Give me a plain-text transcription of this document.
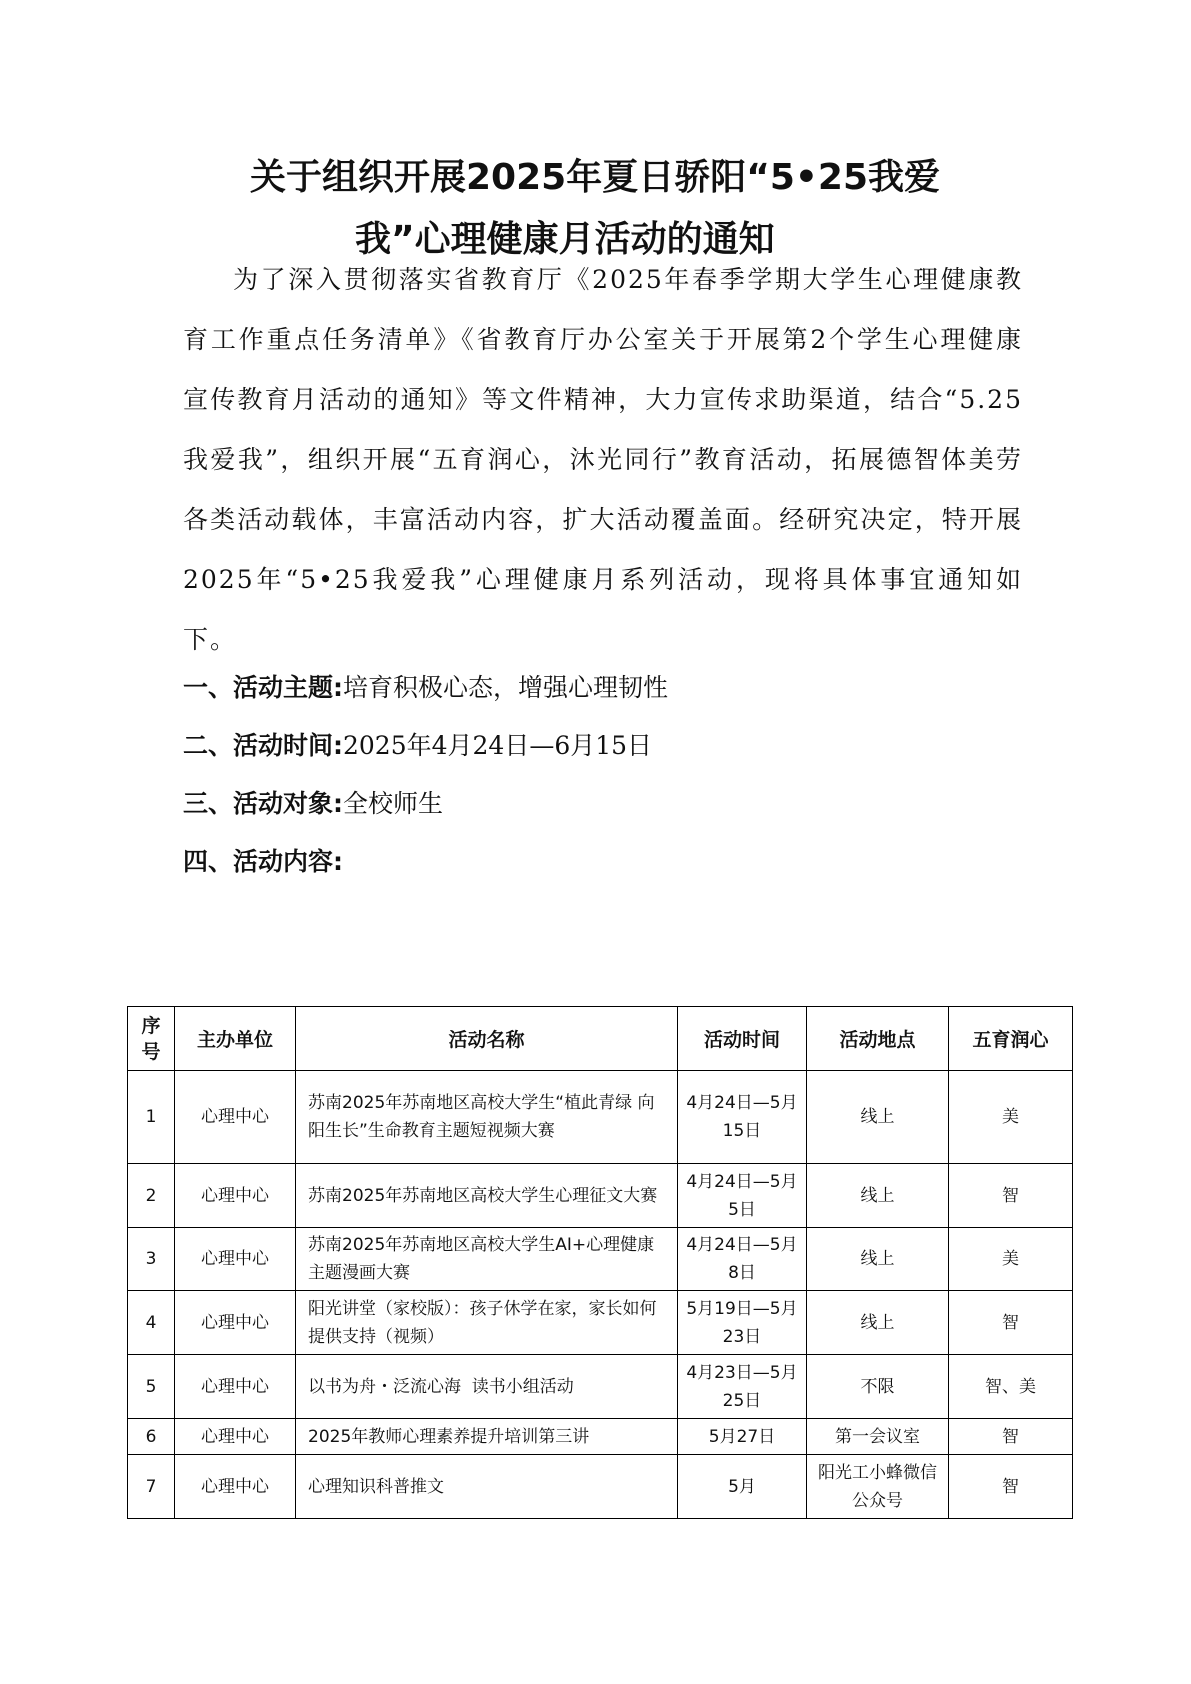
关于组织开展2025年夏日骄阳“5•25我爱
我”心理健康月活动的通知

为了深入贯彻落实省教育厅《2025年春季学期大学生心理健康教育工作重点任务清单》《省教育厅办公室关于开展第2个学生心理健康宣传教育月活动的通知》等文件精神，大力宣传求助渠道，结合“5.25我爱我”，组织开展“五育润心，沐光同行”教育活动，拓展德智体美劳各类活动载体，丰富活动内容，扩大活动覆盖面。经研究决定，特开展2025年“5•25我爱我”心理健康月系列活动，现将具体事宜通知如下。

一、活动主题:培育积极心态，增强心理韧性
二、活动时间:2025年4月24日—6月15日
三、活动对象:全校师生
四、活动内容:
序号	主办单位	活动名称	活动时间	活动地点	五育润心
1	心理中心	苏南2025年苏南地区高校大学生“植此青绿 向阳生长”生命教育主题短视频大赛	4月24日—5月15日	线上	美
2	心理中心	苏南2025年苏南地区高校大学生心理征文大赛	4月24日—5月5日	线上	智
3	心理中心	苏南2025年苏南地区高校大学生AI+心理健康主题漫画大赛	4月24日—5月8日	线上	美
4	心理中心	阳光讲堂（家校版）：孩子休学在家，家长如何提供支持（视频）	5月19日—5月23日	线上	智
5	心理中心	以书为舟・泛流心海  读书小组活动	4月23日—5月25日	不限	智、美
6	心理中心	2025年教师心理素养提升培训第三讲	5月27日	第一会议室	智
7	心理中心	心理知识科普推文	5月	阳光工小蜂微信公众号	智
